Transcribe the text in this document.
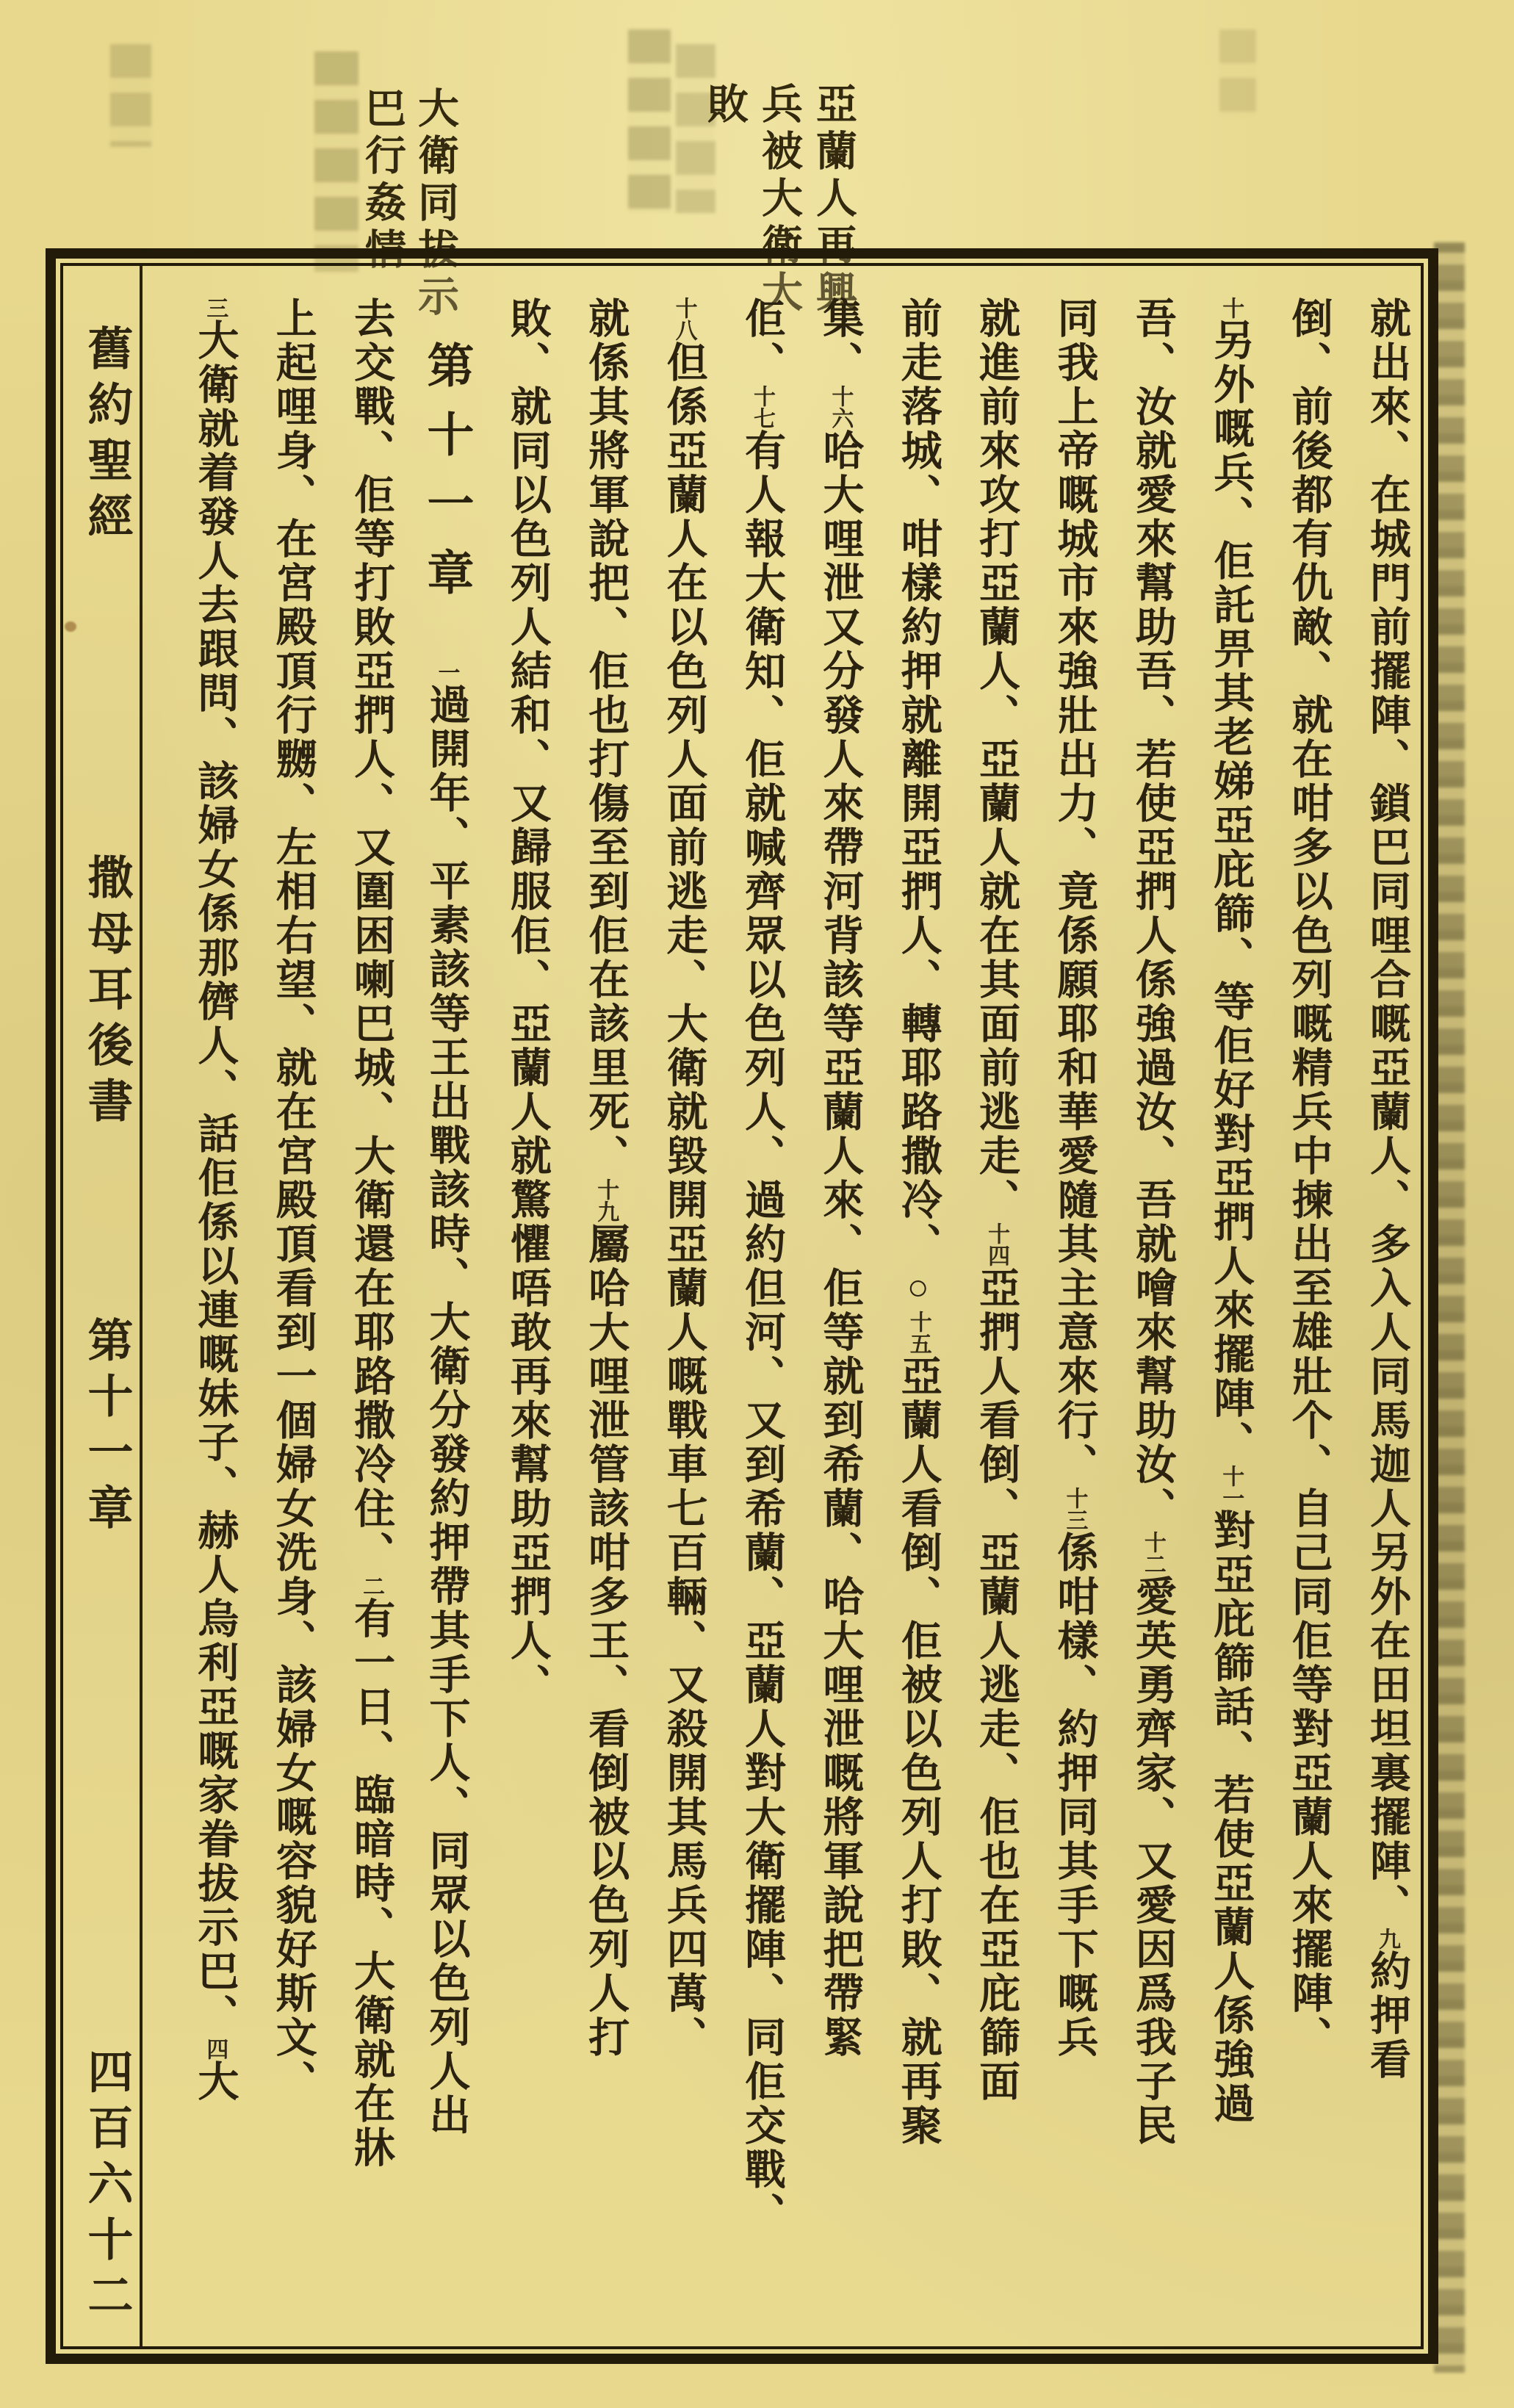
亞蘭人再興
兵被大衛大
敗
大衛同拔示
巴行姦情
舊約聖經
撒母耳後書
第十一章
四百六十二
就出來、在城門前擺陣、鎖巴同哩合嘅亞蘭人、多入人同馬迦人另外在田坦裏擺陣、九約押看
倒、前後都有仇敵、就在咁多以色列嘅精兵中揀出至雄壯个、自己同佢等對亞蘭人來擺陣、
十另外嘅兵、佢託畀其老娣亞庇篩、等佢好對亞捫人來擺陣、十一對亞庇篩話、若使亞蘭人係強過
吾、汝就愛來幫助吾、若使亞捫人係強過汝、吾就噲來幫助汝、十二愛英勇齊家、又愛因爲我子民
同我上帝嘅城市來強壯出力、竟係願耶和華愛隨其主意來行、十三係咁樣、約押同其手下嘅兵
就進前來攻打亞蘭人、亞蘭人就在其面前逃走、十四亞捫人看倒、亞蘭人逃走、佢也在亞庇篩面
前走落城、咁樣約押就離開亞捫人、轉耶路撒冷、○十五亞蘭人看倒、佢被以色列人打敗、就再聚
集、十六哈大哩泄又分發人來帶河背該等亞蘭人來、佢等就到希蘭、哈大哩泄嘅將軍說把帶緊
佢、十七有人報大衛知、佢就喊齊眾以色列人、過約但河、又到希蘭、亞蘭人對大衛擺陣、同佢交戰、
十八但係亞蘭人在以色列人面前逃走、大衛就毀開亞蘭人嘅戰車七百輛、又殺開其馬兵四萬、
就係其將軍說把、佢也打傷至到佢在該里死、十九屬哈大哩泄管該咁多王、看倒被以色列人打
敗、就同以色列人結和、又歸服佢、亞蘭人就驚懼唔敢再來幫助亞捫人、
　第十一章　一過開年、平素該等王出戰該時、大衛分發約押帶其手下人、同眾以色列人出
去交戰、佢等打敗亞捫人、又圍困喇巴城、大衛還在耶路撒冷住、二有一日、臨暗時、大衛就在牀
上起哩身、在宮殿頂行嬲、左相右望、就在宮殿頂看到一個婦女洗身、該婦女嘅容貌好斯文、
三大衛就着發人去跟問、該婦女係那儕人、話佢係以連嘅妹子、赫人烏利亞嘅家眷拔示巴、四大
